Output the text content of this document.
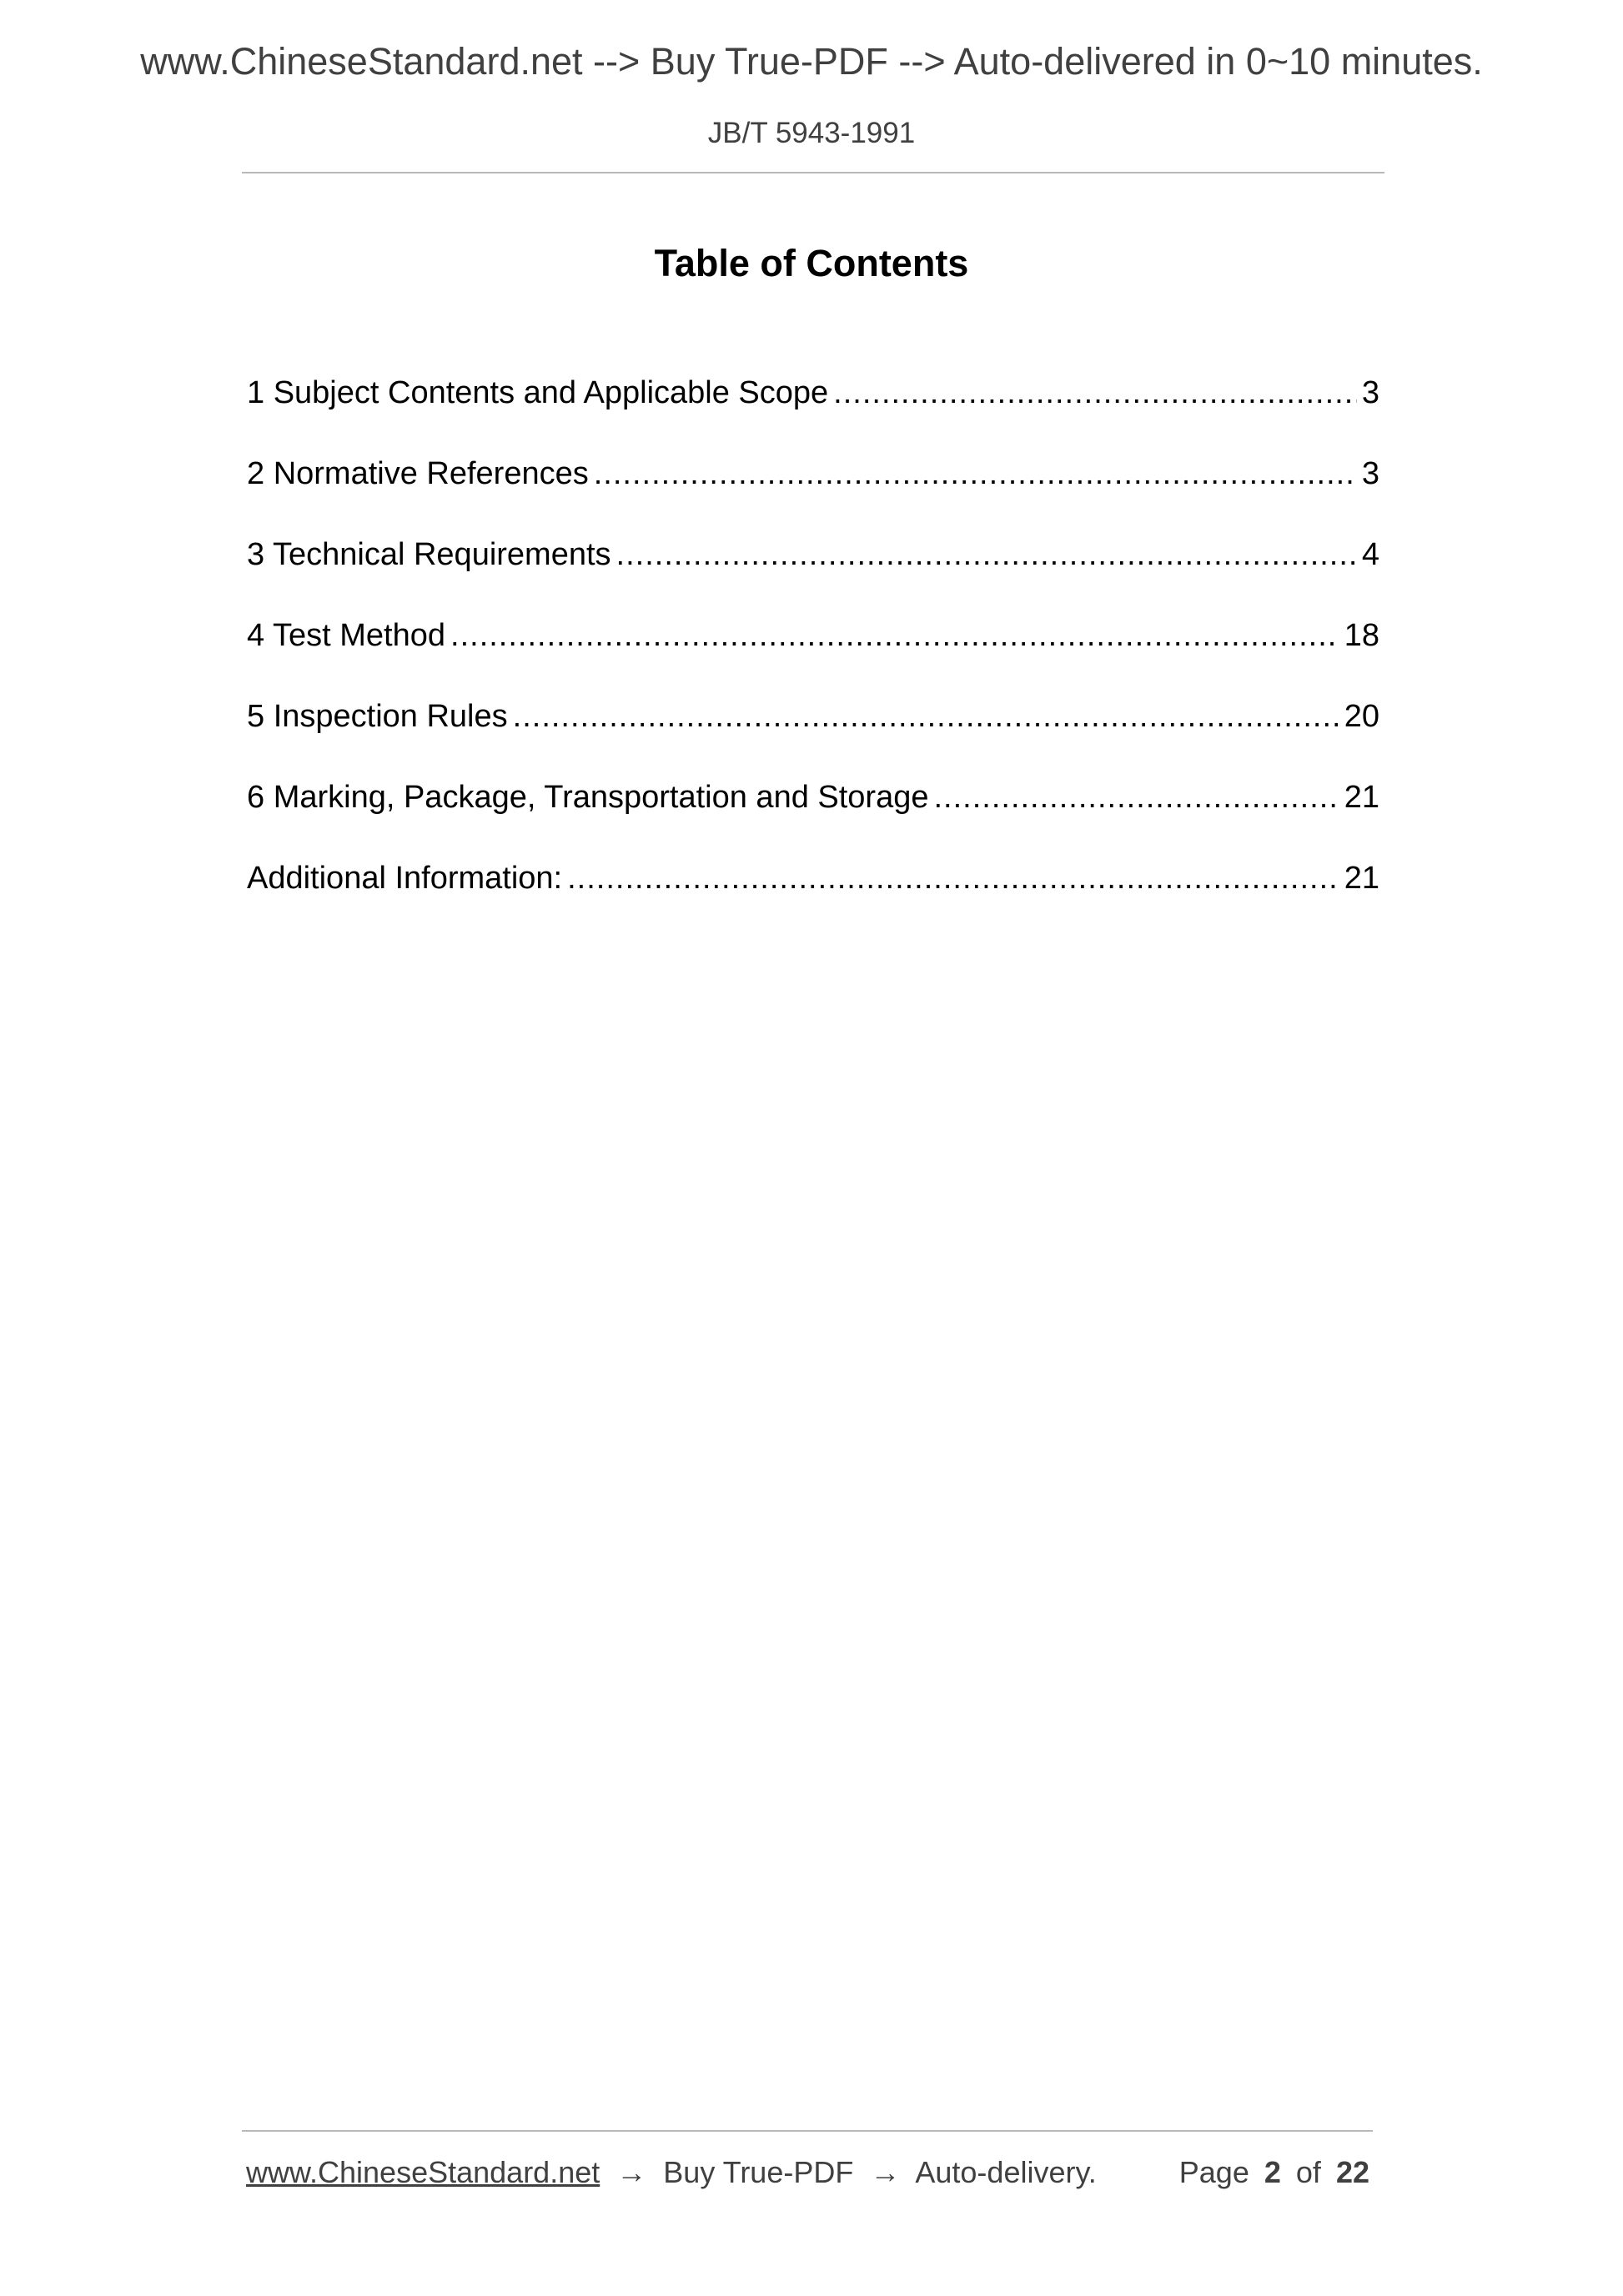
www.ChineseStandard.net --> Buy True-PDF --> Auto-delivered in 0~10 minutes.
JB/T 5943-1991
Table of Contents
1 Subject Contents and Applicable Scope .....	3
2 Normative References .....	3
3 Technical Requirements .....	4
4 Test Method .....	18
5 Inspection Rules .....	20
6 Marking, Package, Transportation and Storage .....	21
Additional Information: .....	21
www.ChineseStandard.net → Buy True-PDF → Auto-delivery.	Page 2 of 22
